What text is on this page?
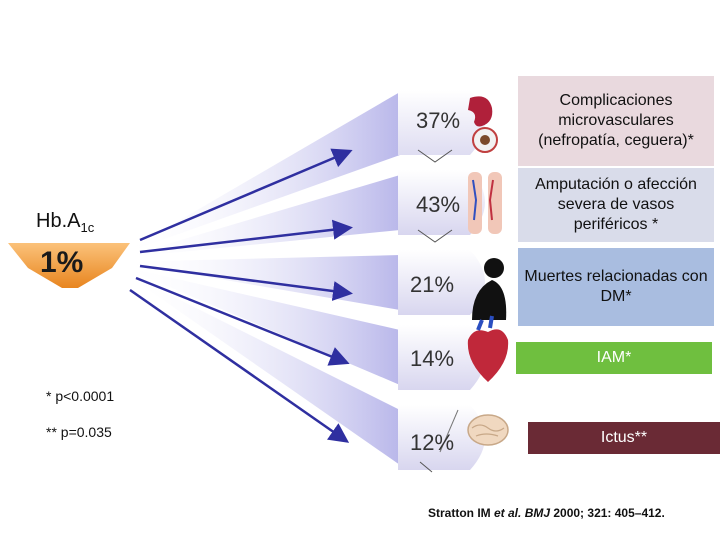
$Hb.A_{1c}$
1%
37%
43%
21%
14%
12%
Complicaciones microvasculares (nefropatía, ceguera)*
Amputación o afección severa de vasos periféricos *
Muertes relacionadas con DM*
IAM*
Ictus**
* p<0.0001
** p=0.035
Stratton IM et al. BMJ 2000; 321: 405–412.
